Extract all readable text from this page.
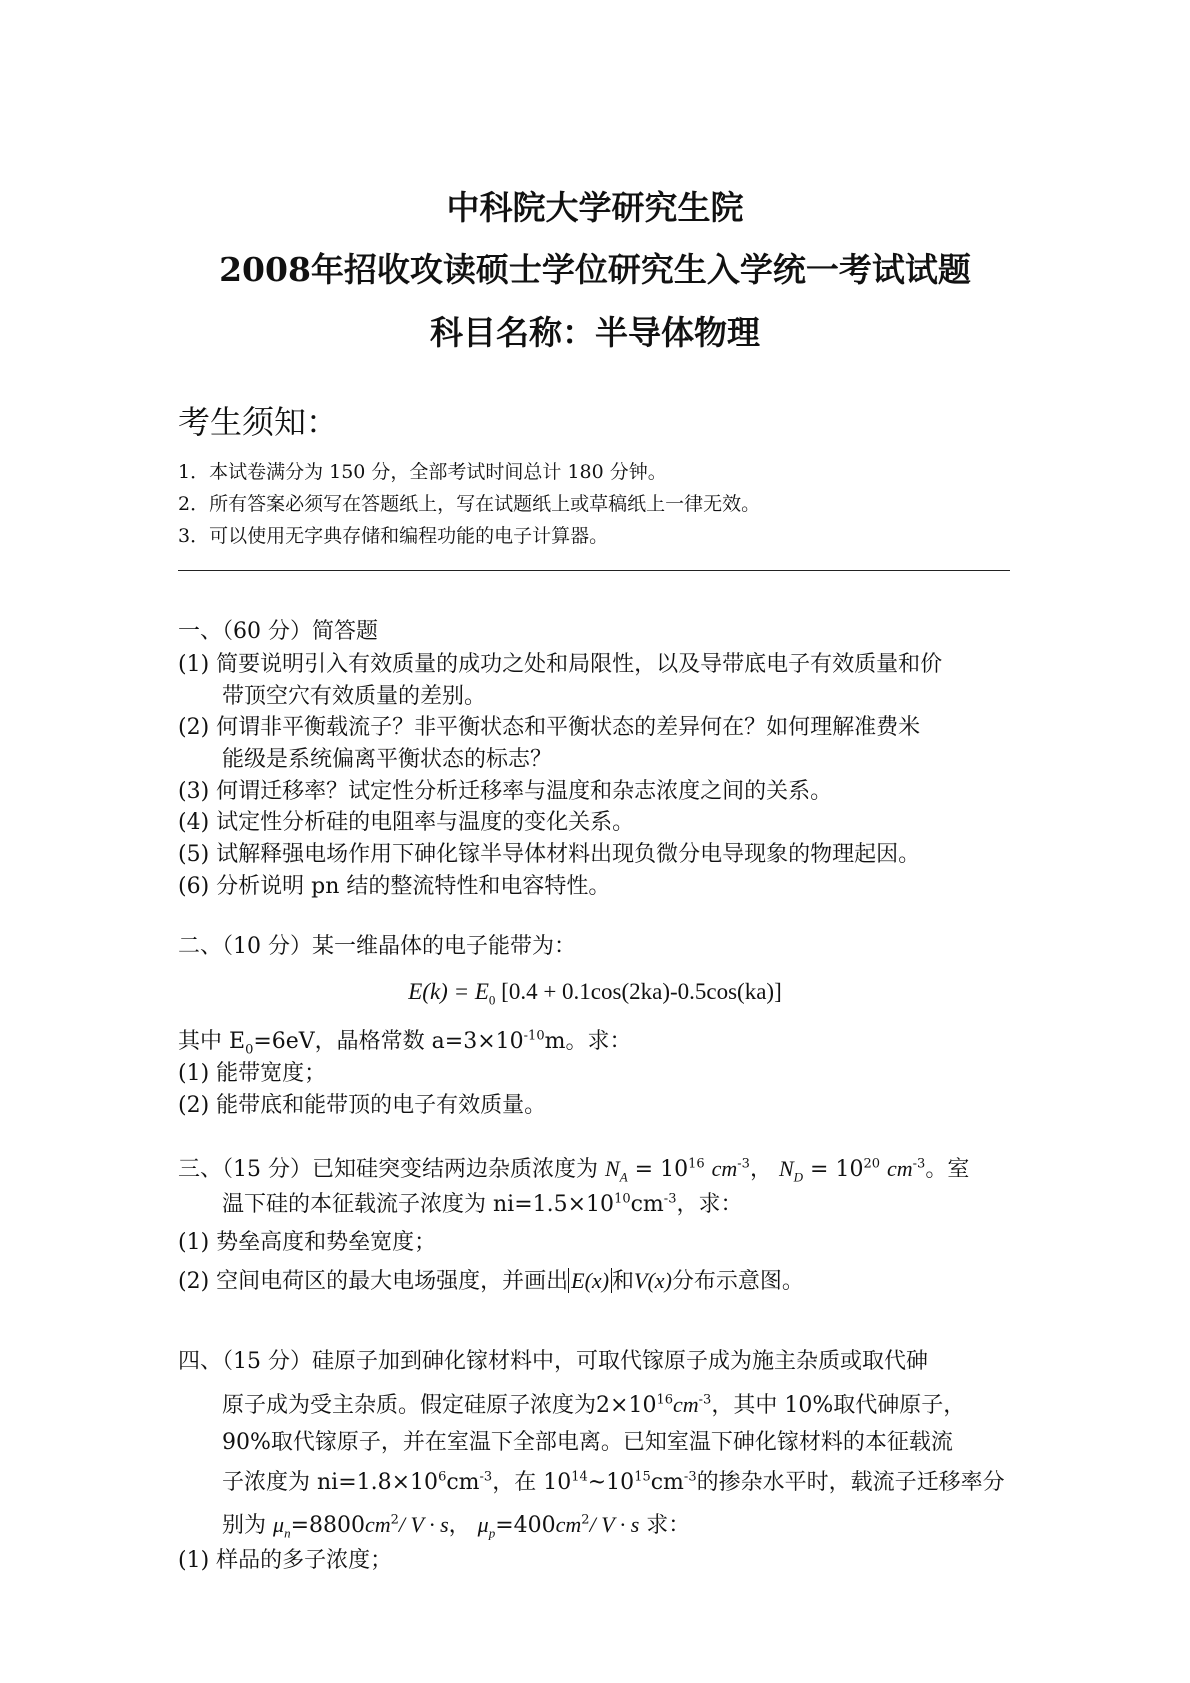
中科院大学研究生院
2008年招收攻读硕士学位研究生入学统一考试试题
科目名称：半导体物理
考生须知：
1．本试卷满分为 150 分，全部考试时间总计 180 分钟。
2．所有答案必须写在答题纸上，写在试题纸上或草稿纸上一律无效。
3．可以使用无字典存储和编程功能的电子计算器。
一、（60 分）简答题
(1) 简要说明引入有效质量的成功之处和局限性，以及导带底电子有效质量和价
带顶空穴有效质量的差别。
(2) 何谓非平衡载流子？非平衡状态和平衡状态的差异何在？如何理解准费米
能级是系统偏离平衡状态的标志？
(3) 何谓迁移率？试定性分析迁移率与温度和杂志浓度之间的关系。
(4) 试定性分析硅的电阻率与温度的变化关系。
(5) 试解释强电场作用下砷化镓半导体材料出现负微分电导现象的物理起因。
(6) 分析说明 pn 结的整流特性和电容特性。
二、（10 分）某一维晶体的电子能带为：
$E(k) = E_0$ [0.4 + 0.1cos(2ka)-0.5cos(ka)]
其中 $E_0=6eV$，晶格常数 $a=3\times 10^{-10}m$。求：
(1) 能带宽度；
(2) 能带底和能带顶的电子有效质量。
三、（15 分）已知硅突变结两边杂质浓度为 $N_A = 10^{16}$ $cm^{-3}$， $N_D = 10^{20}$ $cm^{-3}$。室
温下硅的本征载流子浓度为 $ni=1.5\times 10^{10}cm^{-3}$，求：
(1) 势垒高度和势垒宽度；
(2) 空间电荷区的最大电场强度，并画出 E(x) 和V(x)分布示意图。
四、（15 分）硅原子加到砷化镓材料中，可取代镓原子成为施主杂质或取代砷
原子成为受主杂质。假定硅原子浓度为$2\times 10^{16}cm^{-3}$，其中 10%取代砷原子，
90%取代镓原子，并在室温下全部电离。已知室温下砷化镓材料的本征载流
子浓度为 $ni=1.8\times 10^6cm^{-3}$，在 $10^{14}\sim 10^{15}cm^{-3}$的掺杂水平时，载流子迁移率分
别为 $\mu_n=8800cm^2/$ V · s， $\mu_p=400cm^2/$ V · s 求：
(1) 样品的多子浓度；
